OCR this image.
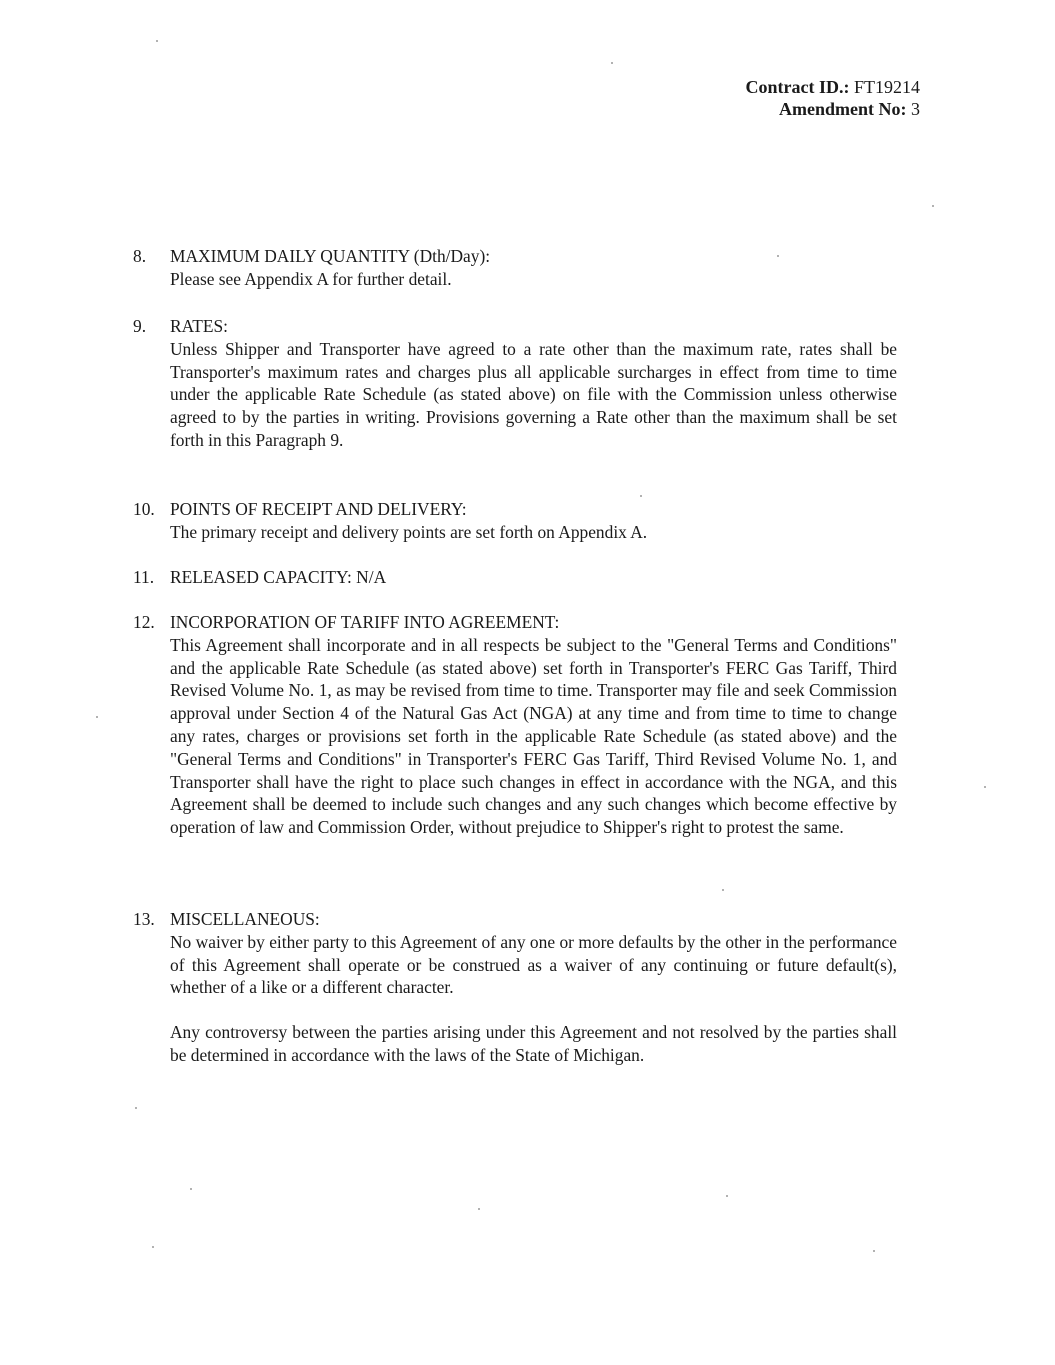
Contract ID.: FT19214
Amendment No: 3
8.	MAXIMUM DAILY QUANTITY (Dth/Day):
Please see Appendix A for further detail.
9.	RATES:
Unless Shipper and Transporter have agreed to a rate other than the maximum rate, rates shall be Transporter's maximum rates and charges plus all applicable surcharges in effect from time to time under the applicable Rate Schedule (as stated above) on file with the Commission unless otherwise agreed to by the parties in writing. Provisions governing a Rate other than the maximum shall be set forth in this Paragraph 9.
10. POINTS OF RECEIPT AND DELIVERY:
The primary receipt and delivery points are set forth on Appendix A.
11. RELEASED CAPACITY: N/A
12. INCORPORATION OF TARIFF INTO AGREEMENT:
This Agreement shall incorporate and in all respects be subject to the "General Terms and Conditions" and the applicable Rate Schedule (as stated above) set forth in Transporter's FERC Gas Tariff, Third Revised Volume No. 1, as may be revised from time to time. Transporter may file and seek Commission approval under Section 4 of the Natural Gas Act (NGA) at any time and from time to time to change any rates, charges or provisions set forth in the applicable Rate Schedule (as stated above) and the "General Terms and Conditions" in Transporter's FERC Gas Tariff, Third Revised Volume No. 1, and Transporter shall have the right to place such changes in effect in accordance with the NGA, and this Agreement shall be deemed to include such changes and any such changes which become effective by operation of law and Commission Order, without prejudice to Shipper's right to protest the same.
13. MISCELLANEOUS:
No waiver by either party to this Agreement of any one or more defaults by the other in the performance of this Agreement shall operate or be construed as a waiver of any continuing or future default(s), whether of a like or a different character.
Any controversy between the parties arising under this Agreement and not resolved by the parties shall be determined in accordance with the laws of the State of Michigan.
